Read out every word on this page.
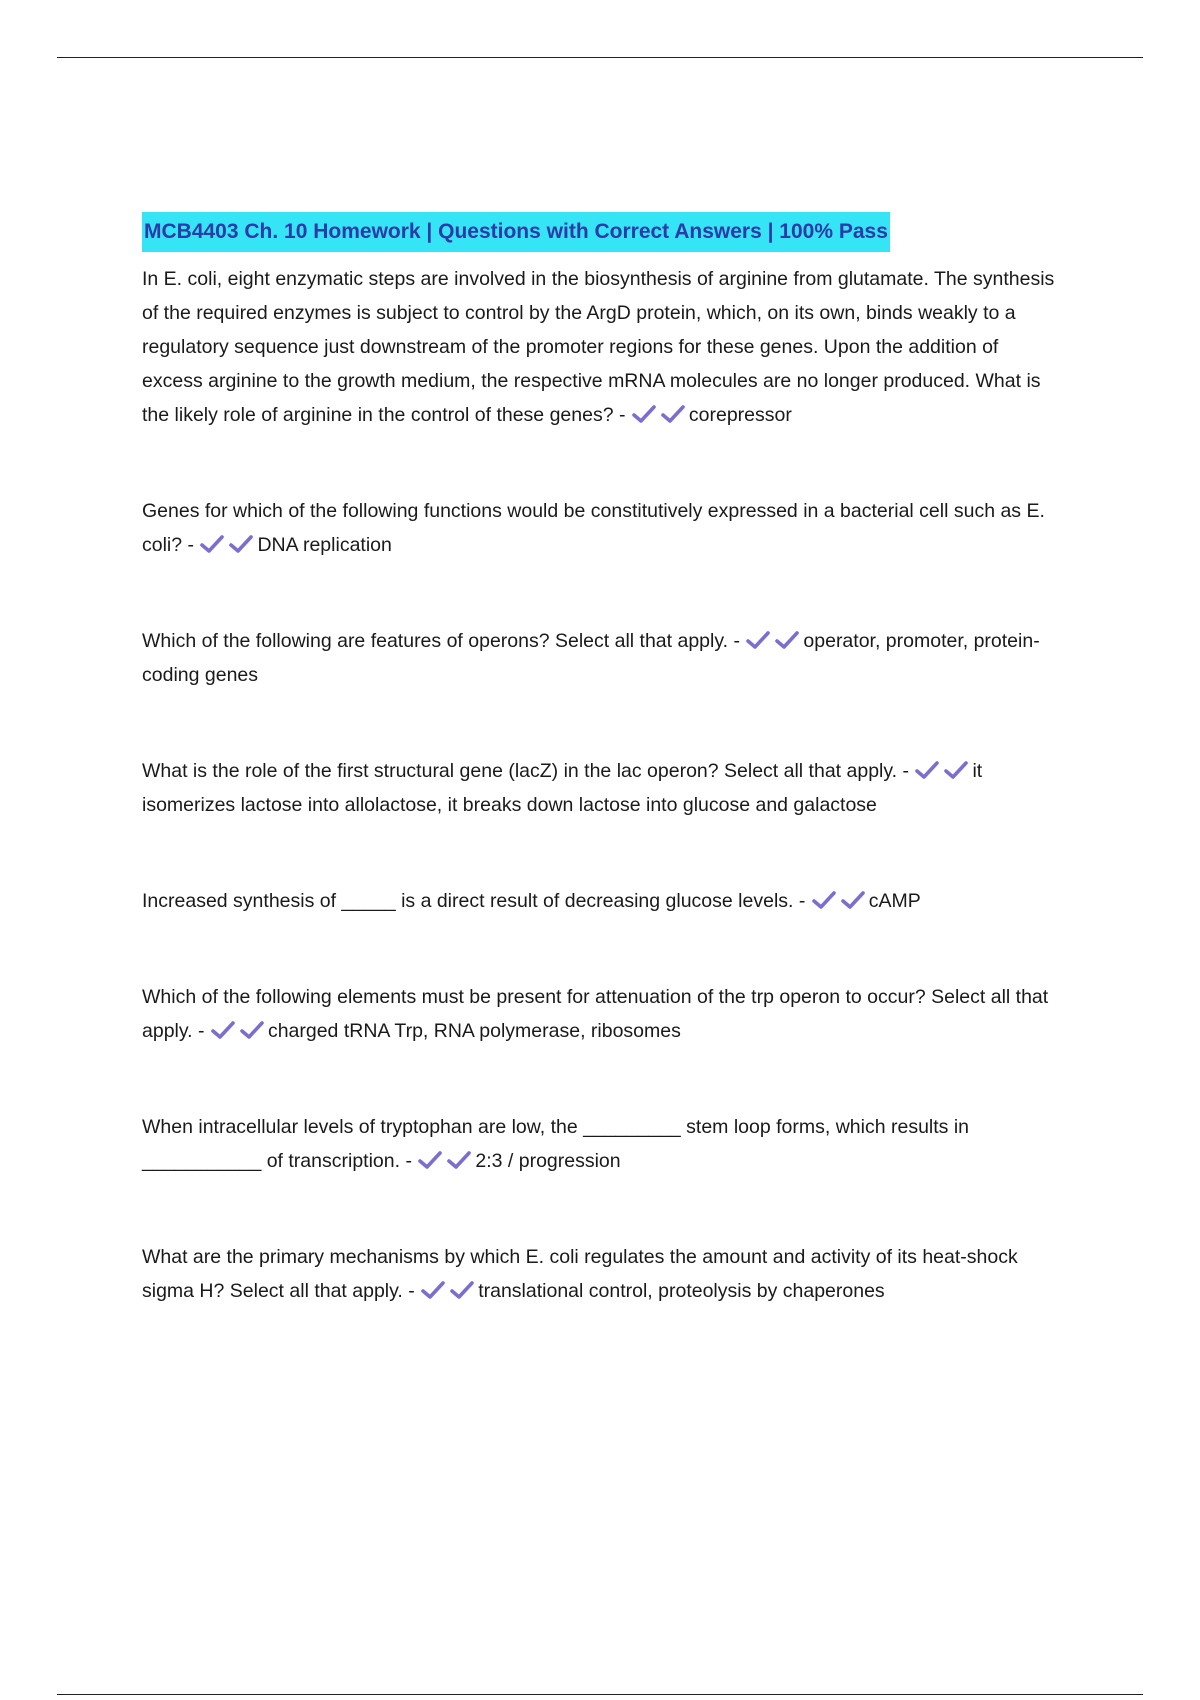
MCB4403 Ch. 10 Homework | Questions with Correct Answers | 100% Pass

In E. coli, eight enzymatic steps are involved in the biosynthesis of arginine from glutamate. The synthesis of the required enzymes is subject to control by the ArgD protein, which, on its own, binds weakly to a regulatory sequence just downstream of the promoter regions for these genes. Upon the addition of excess arginine to the growth medium, the respective mRNA molecules are no longer produced. What is the likely role of arginine in the control of these genes? -	corepressor

Genes for which of the following functions would be constitutively expressed in a bacterial cell such as E. coli? -	DNA replication

Which of the following are features of operons? Select all that apply. -	operator, promoter, protein-coding genes

What is the role of the first structural gene (lacZ) in the lac operon? Select all that apply. -	it isomerizes lactose into allolactose, it breaks down lactose into glucose and galactose

Increased synthesis of _____ is a direct result of decreasing glucose levels. -	cAMP

Which of the following elements must be present for attenuation of the trp operon to occur? Select all that apply. -	charged tRNA Trp, RNA polymerase, ribosomes

When intracellular levels of tryptophan are low, the _________ stem loop forms, which results in ___________ of transcription. -	2:3 / progression

What are the primary mechanisms by which E. coli regulates the amount and activity of its heat-shock sigma H? Select all that apply. -	translational control, proteolysis by chaperones
